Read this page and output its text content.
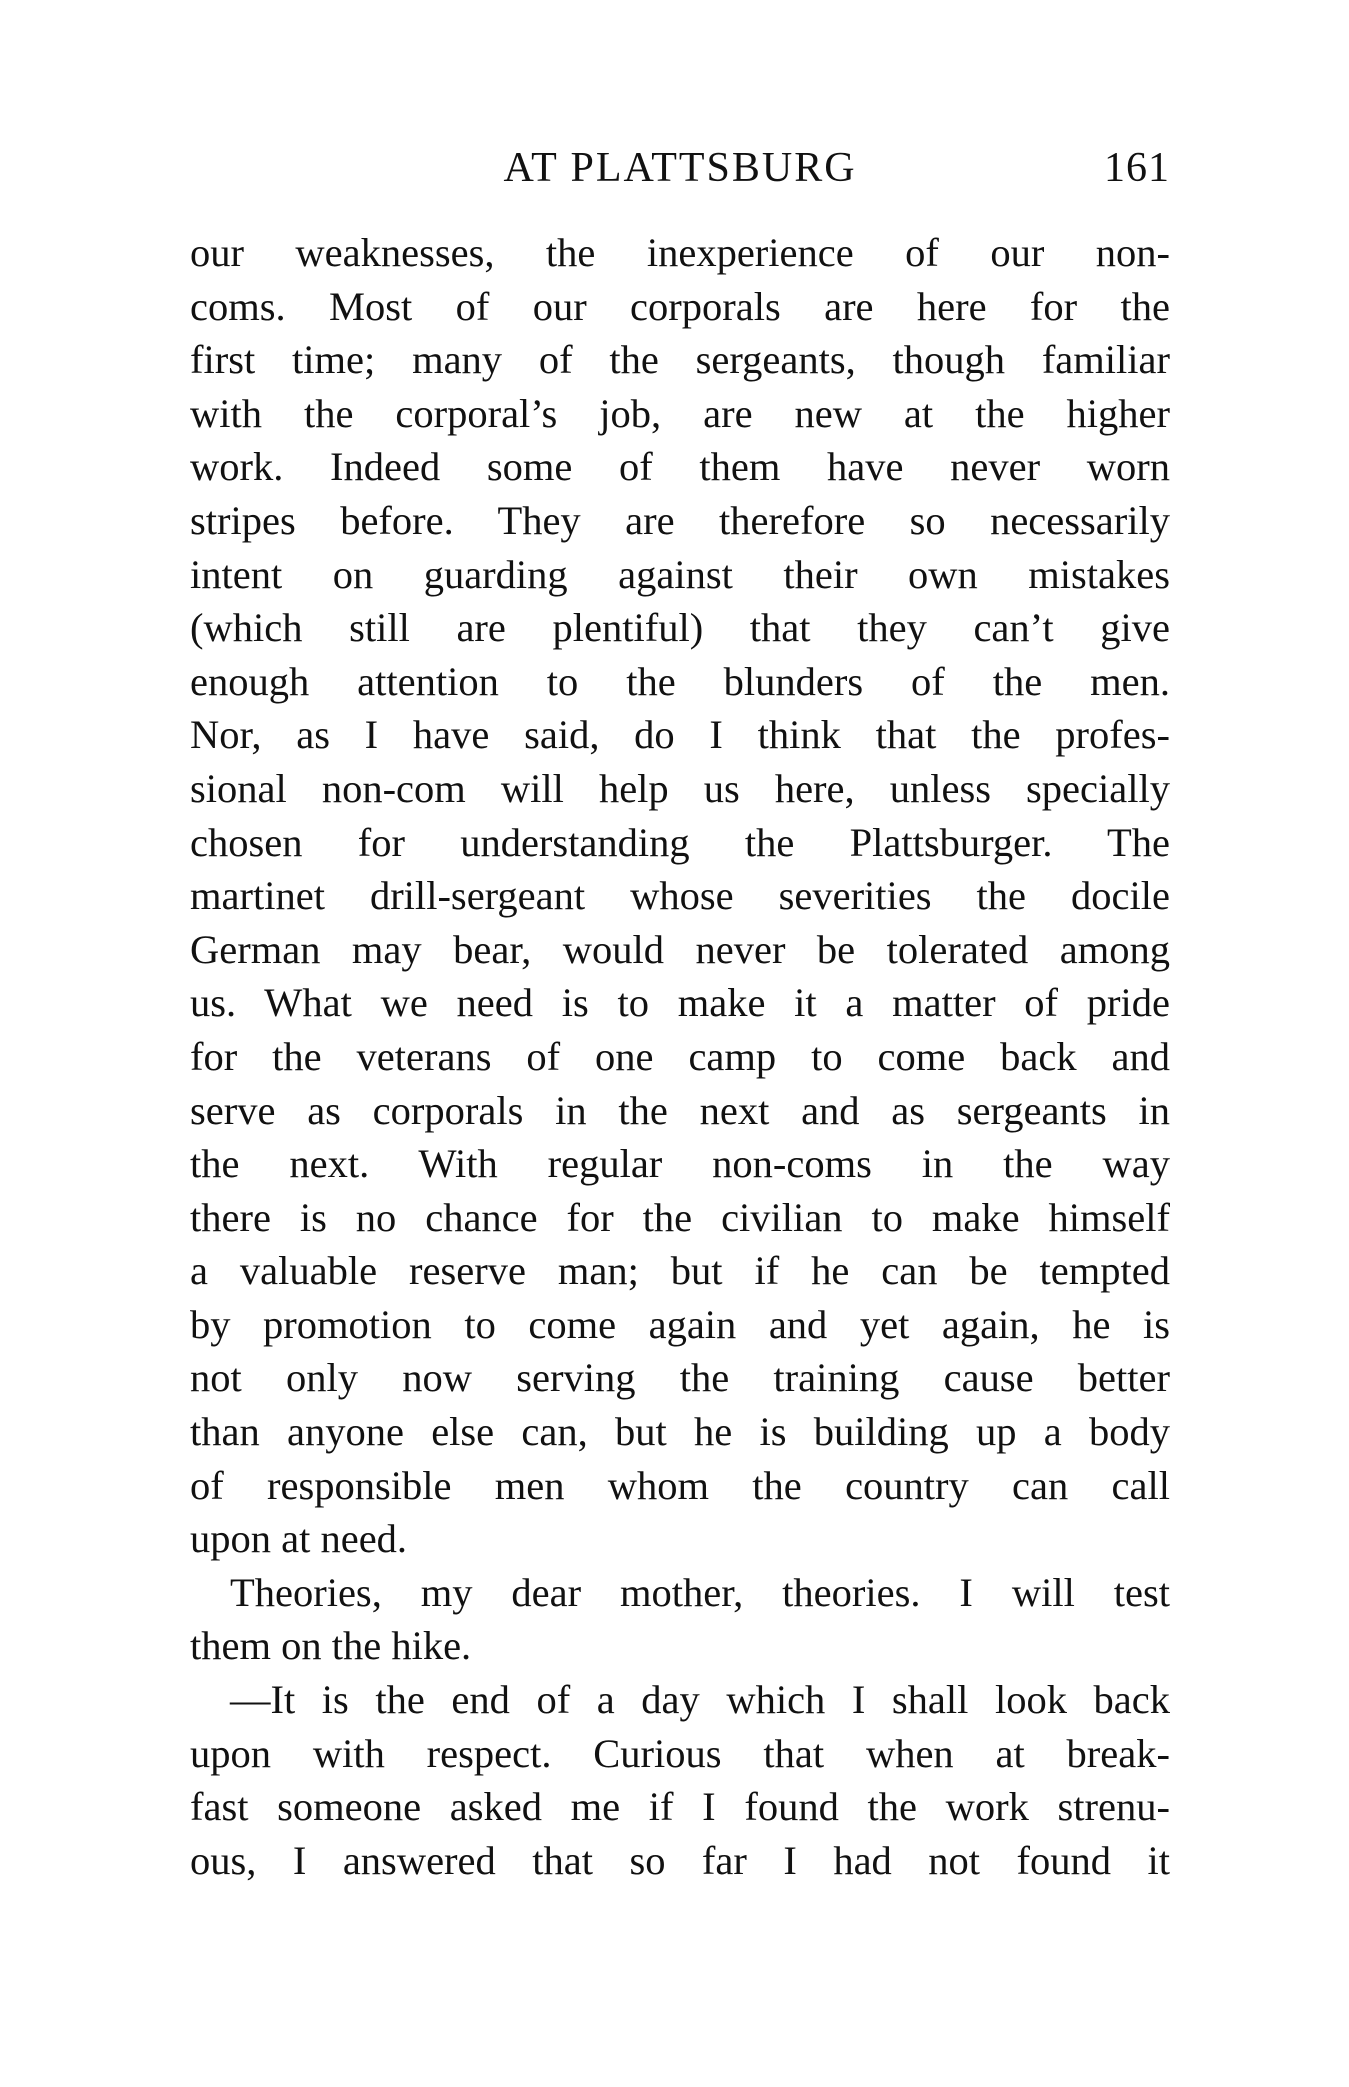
AT PLATTSBURG	161
our weaknesses, the inexperience of our non-
coms. Most of our corporals are here for the
first time; many of the sergeants, though familiar
with the corporal’s job, are new at the higher
work. Indeed some of them have never worn
stripes before. They are therefore so necessarily
intent on guarding against their own mistakes
(which still are plentiful) that they can’t give
enough attention to the blunders of the men.
Nor, as I have said, do I think that the profes-
sional non-com will help us here, unless specially
chosen for understanding the Plattsburger. The
martinet drill-sergeant whose severities the docile
German may bear, would never be tolerated among
us. What we need is to make it a matter of pride
for the veterans of one camp to come back and
serve as corporals in the next and as sergeants in
the next. With regular non-coms in the way
there is no chance for the civilian to make himself
a valuable reserve man; but if he can be tempted
by promotion to come again and yet again, he is
not only now serving the training cause better
than anyone else can, but he is building up a body
of responsible men whom the country can call
upon at need.
Theories, my dear mother, theories. I will test
them on the hike.
—It is the end of a day which I shall look back
upon with respect. Curious that when at break-
fast someone asked me if I found the work strenu-
ous, I answered that so far I had not found it
